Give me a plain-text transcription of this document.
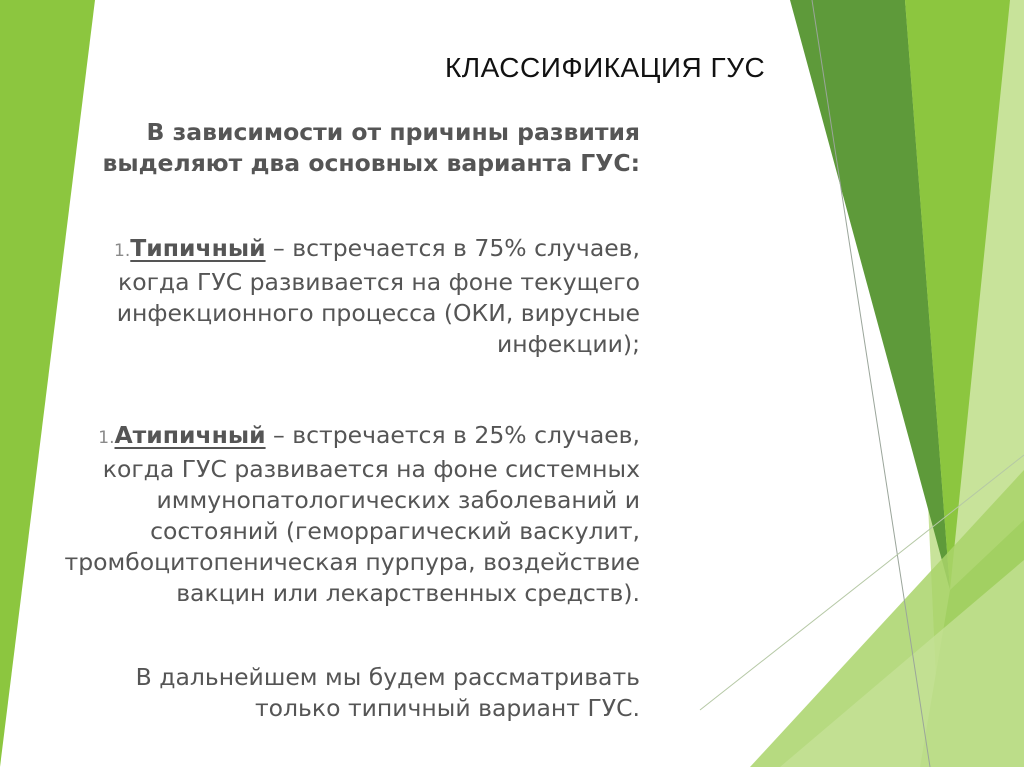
КЛАССИФИКАЦИЯ ГУС
В зависимости от причины развития
выделяют два основных варианта ГУС:
1.Типичный – встречается в 75% случаев,
когда ГУС развивается на фоне текущего
инфекционного процесса (ОКИ, вирусные
инфекции);
1.Атипичный – встречается в 25% случаев,
когда ГУС развивается на фоне системных
иммунопатологических заболеваний и
состояний (геморрагический васкулит,
тромбоцитопеническая пурпура, воздействие
вакцин или лекарственных средств).
В дальнейшем мы будем рассматривать
только типичный вариант ГУС.
